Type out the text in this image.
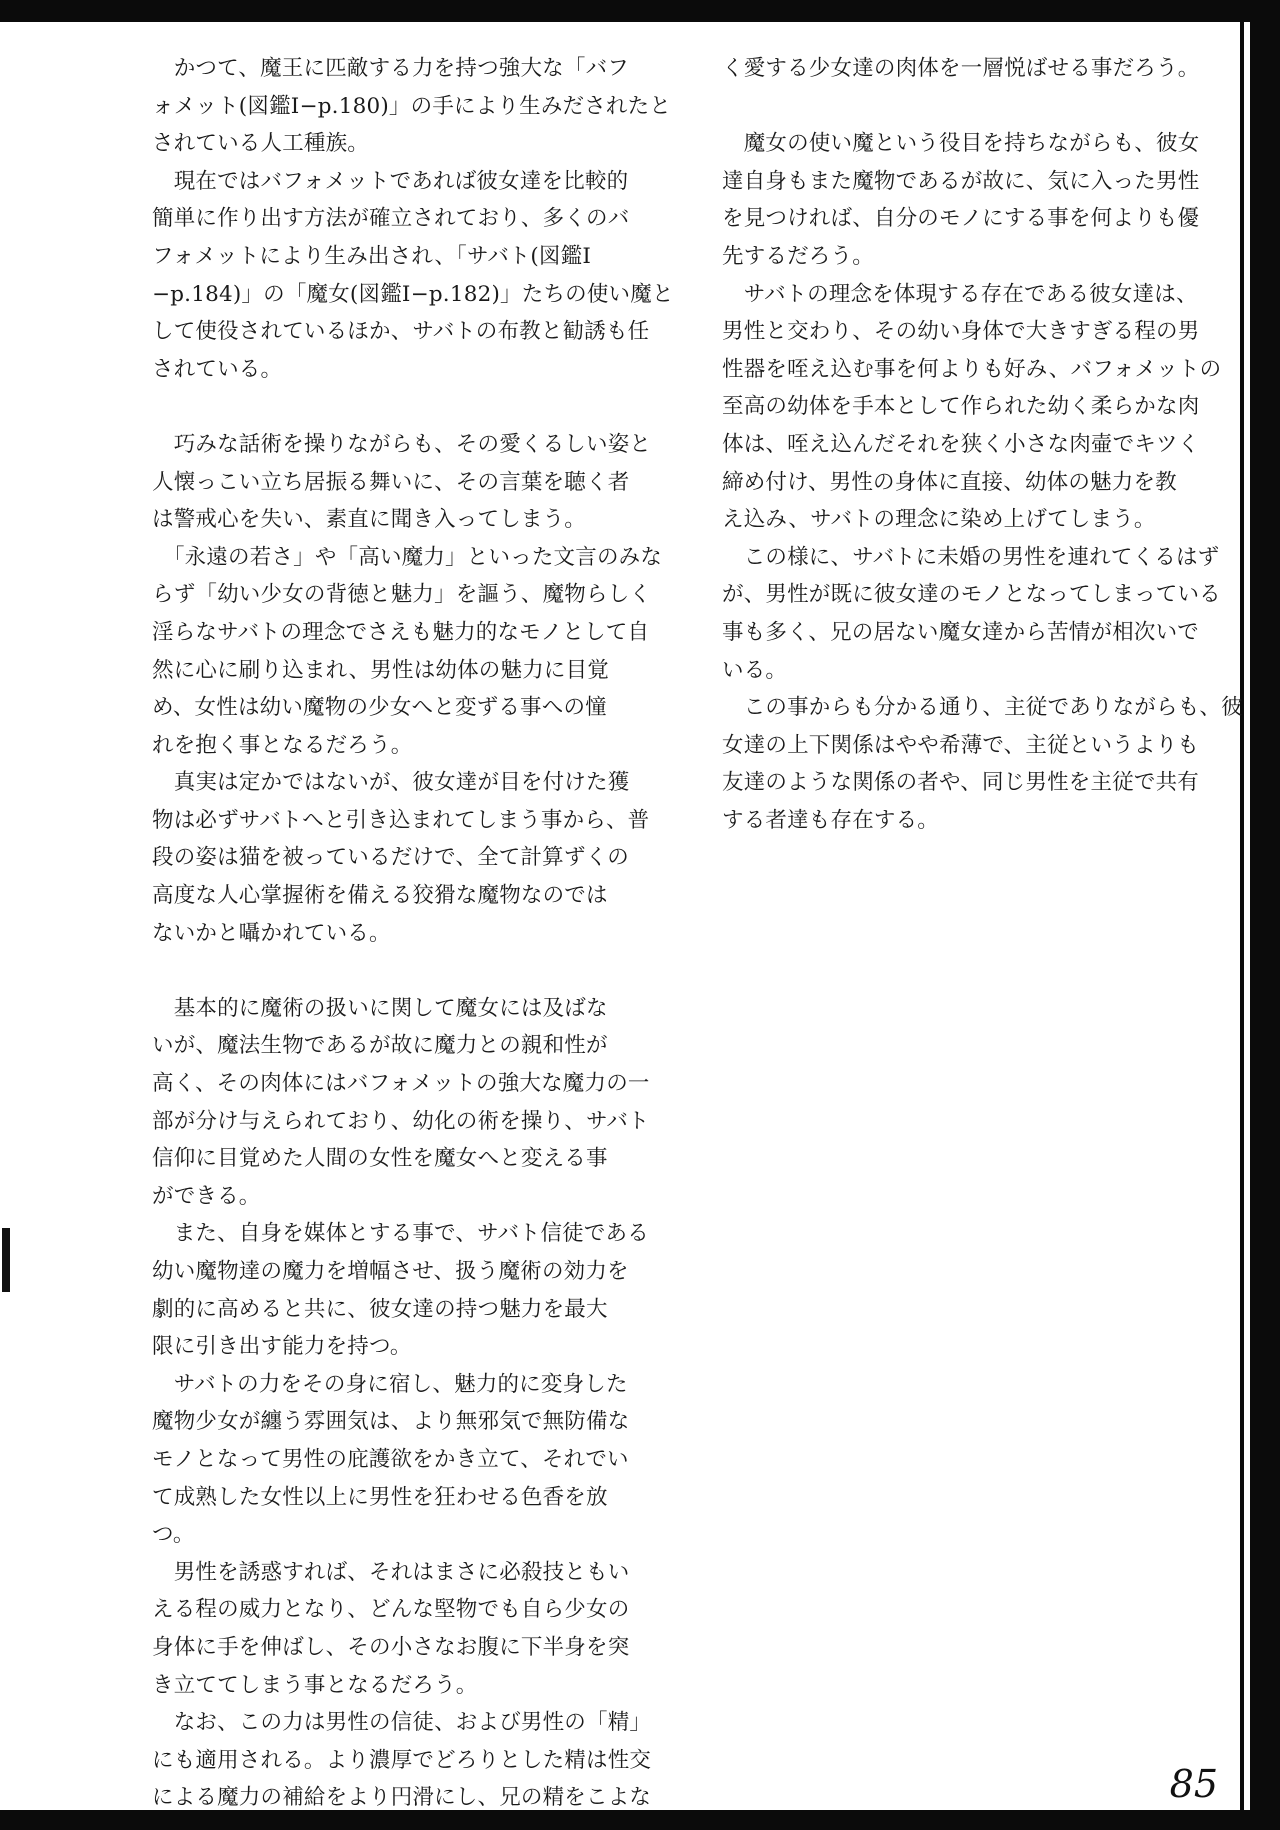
　かつて、魔王に匹敵する力を持つ強大な「バフ

ォメット(図鑑Ⅰ−p.180)」の手により生みだされたと

されている人工種族。

　現在ではバフォメットであれば彼女達を比較的

簡単に作り出す方法が確立されており、多くのバ

フォメットにより生み出され、「サバト(図鑑Ⅰ

−p.184)」の「魔女(図鑑Ⅰ−p.182)」たちの使い魔と

して使役されているほか、サバトの布教と勧誘も任

されている。

　巧みな話術を操りながらも、その愛くるしい姿と

人懐っこい立ち居振る舞いに、その言葉を聴く者

は警戒心を失い、素直に聞き入ってしまう。

　「永遠の若さ」や「高い魔力」といった文言のみな

らず「幼い少女の背徳と魅力」を謳う、魔物らしく

淫らなサバトの理念でさえも魅力的なモノとして自

然に心に刷り込まれ、男性は幼体の魅力に目覚

め、女性は幼い魔物の少女へと変ずる事への憧

れを抱く事となるだろう。

　真実は定かではないが、彼女達が目を付けた獲

物は必ずサバトへと引き込まれてしまう事から、普

段の姿は猫を被っているだけで、全て計算ずくの

高度な人心掌握術を備える狡猾な魔物なのでは

ないかと囁かれている。

　基本的に魔術の扱いに関して魔女には及ばな

いが、魔法生物であるが故に魔力との親和性が

高く、その肉体にはバフォメットの強大な魔力の一

部が分け与えられており、幼化の術を操り、サバト

信仰に目覚めた人間の女性を魔女へと変える事

ができる。

　また、自身を媒体とする事で、サバト信徒である

幼い魔物達の魔力を増幅させ、扱う魔術の効力を

劇的に高めると共に、彼女達の持つ魅力を最大

限に引き出す能力を持つ。

　サバトの力をその身に宿し、魅力的に変身した

魔物少女が纏う雰囲気は、より無邪気で無防備な

モノとなって男性の庇護欲をかき立て、それでい

て成熟した女性以上に男性を狂わせる色香を放

つ。

　男性を誘惑すれば、それはまさに必殺技ともい

える程の威力となり、どんな堅物でも自ら少女の

身体に手を伸ばし、その小さなお腹に下半身を突

き立ててしまう事となるだろう。

　なお、この力は男性の信徒、および男性の「精」

にも適用される。より濃厚でどろりとした精は性交

による魔力の補給をより円滑にし、兄の精をこよな

く愛する少女達の肉体を一層悦ばせる事だろう。

　魔女の使い魔という役目を持ちながらも、彼女

達自身もまた魔物であるが故に、気に入った男性

を見つければ、自分のモノにする事を何よりも優

先するだろう。

　サバトの理念を体現する存在である彼女達は、

男性と交わり、その幼い身体で大きすぎる程の男

性器を咥え込む事を何よりも好み、バフォメットの

至高の幼体を手本として作られた幼く柔らかな肉

体は、咥え込んだそれを狭く小さな肉壷でキツく

締め付け、男性の身体に直接、幼体の魅力を教

え込み、サバトの理念に染め上げてしまう。

　この様に、サバトに未婚の男性を連れてくるはず

が、男性が既に彼女達のモノとなってしまっている

事も多く、兄の居ない魔女達から苦情が相次いで

いる。

　この事からも分かる通り、主従でありながらも、彼

女達の上下関係はやや希薄で、主従というよりも

友達のような関係の者や、同じ男性を主従で共有

する者達も存在する。

85
